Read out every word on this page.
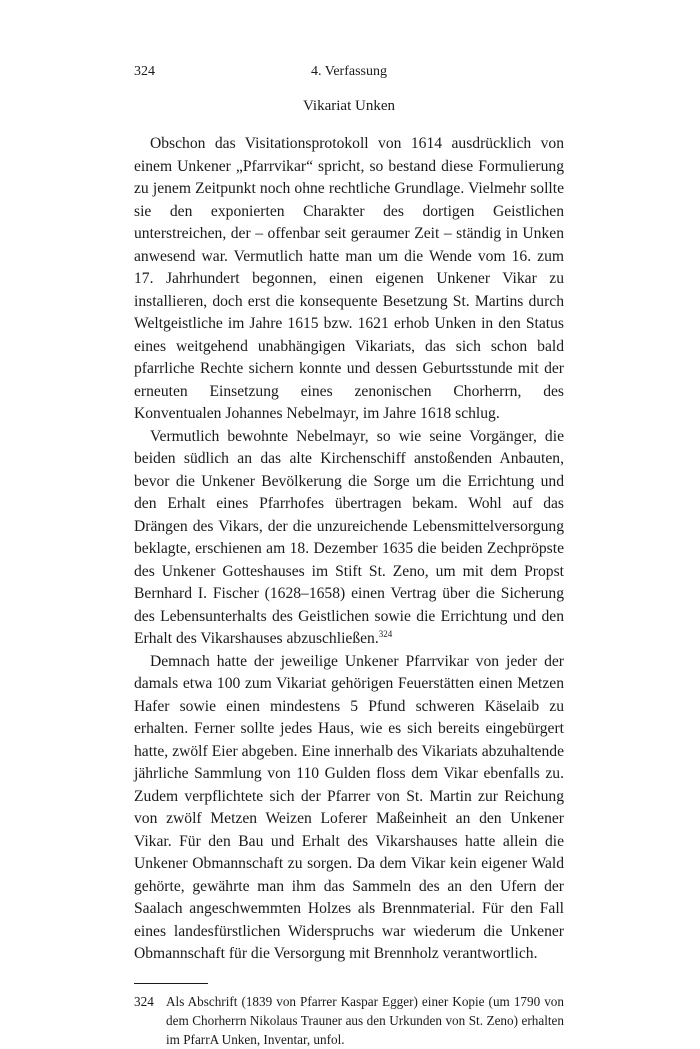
324	4. Verfassung
Vikariat Unken

Obschon das Visitationsprotokoll von 1614 ausdrücklich von einem Unkener „Pfarrvikar“ spricht, so bestand diese Formulierung zu jenem Zeitpunkt noch ohne rechtliche Grundlage. Vielmehr sollte sie den exponierten Charakter des dortigen Geistlichen unterstreichen, der – offenbar seit geraumer Zeit – ständig in Unken anwesend war. Vermutlich hatte man um die Wende vom 16. zum 17. Jahrhundert begonnen, einen eigenen Unkener Vikar zu installieren, doch erst die konsequente Besetzung St. Martins durch Weltgeistliche im Jahre 1615 bzw. 1621 erhob Unken in den Status eines weitgehend unabhängigen Vikariats, das sich schon bald pfarrliche Rechte sichern konnte und dessen Geburtsstunde mit der erneuten Einsetzung eines zenonischen Chorherrn, des Konventualen Johannes Nebelmayr, im Jahre 1618 schlug.

Vermutlich bewohnte Nebelmayr, so wie seine Vorgänger, die beiden südlich an das alte Kirchenschiff anstoßenden Anbauten, bevor die Unkener Bevölkerung die Sorge um die Errichtung und den Erhalt eines Pfarrhofes übertragen bekam. Wohl auf das Drängen des Vikars, der die unzureichende Lebensmittelversorgung beklagte, erschienen am 18. Dezember 1635 die beiden Zechpröpste des Unkener Gotteshauses im Stift St. Zeno, um mit dem Propst Bernhard I. Fischer (1628–1658) einen Vertrag über die Sicherung des Lebensunterhalts des Geistlichen sowie die Errichtung und den Erhalt des Vikarshauses abzuschließen.$^{324}$

Demnach hatte der jeweilige Unkener Pfarrvikar von jeder der damals etwa 100 zum Vikariat gehörigen Feuerstätten einen Metzen Hafer sowie einen mindestens 5 Pfund schweren Käselaib zu erhalten. Ferner sollte jedes Haus, wie es sich bereits eingebürgert hatte, zwölf Eier abgeben. Eine innerhalb des Vikariats abzuhaltende jährliche Sammlung von 110 Gulden floss dem Vikar ebenfalls zu. Zudem verpflichtete sich der Pfarrer von St. Martin zur Reichung von zwölf Metzen Weizen Loferer Maßeinheit an den Unkener Vikar. Für den Bau und Erhalt des Vikarshauses hatte allein die Unkener Obmannschaft zu sorgen. Da dem Vikar kein eigener Wald gehörte, gewährte man ihm das Sammeln des an den Ufern der Saalach angeschwemmten Holzes als Brennmaterial. Für den Fall eines landesfürstlichen Widerspruchs war wiederum die Unkener Obmannschaft für die Versorgung mit Brennholz verantwortlich.

324 Als Abschrift (1839 von Pfarrer Kaspar Egger) einer Kopie (um 1790 von dem Chorherrn Nikolaus Trauner aus den Urkunden von St. Zeno) erhalten im PfarrA Unken, Inventar, unfol.
